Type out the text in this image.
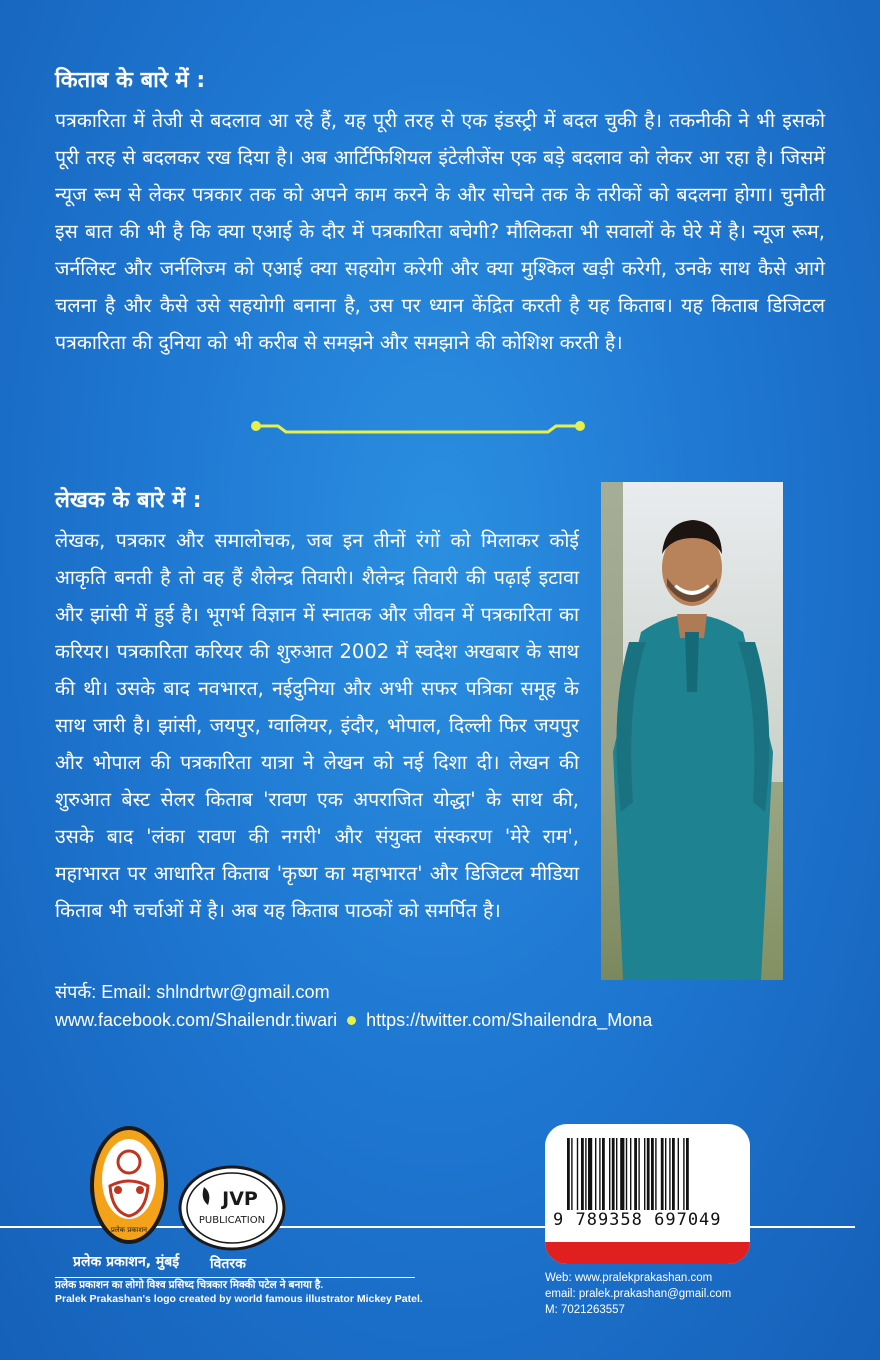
किताब के बारे में :
पत्रकारिता में तेजी से बदलाव आ रहे हैं, यह पूरी तरह से एक इंडस्ट्री में बदल चुकी है। तकनीकी ने भी इसको पूरी तरह से बदलकर रख दिया है। अब आर्टिफिशियल इंटेलीजेंस एक बड़े बदलाव को लेकर आ रहा है। जिसमें न्यूज रूम से लेकर पत्रकार तक को अपने काम करने के और सोचने तक के तरीकों को बदलना होगा। चुनौती इस बात की भी है कि क्या एआई के दौर में पत्रकारिता बचेगी? मौलिकता भी सवालों के घेरे में है। न्यूज रूम, जर्नलिस्ट और जर्नलिज्म को एआई क्या सहयोग करेगी और क्या मुश्किल खड़ी करेगी, उनके साथ कैसे आगे चलना है और कैसे उसे सहयोगी बनाना है, उस पर ध्यान केंद्रित करती है यह किताब। यह किताब डिजिटल पत्रकारिता की दुनिया को भी करीब से समझने और समझाने की कोशिश करती है।
लेखक के बारे में :
लेखक, पत्रकार और समालोचक, जब इन तीनों रंगों को मिलाकर कोई आकृति बनती है तो वह हैं शैलेन्द्र तिवारी। शैलेन्द्र तिवारी की पढ़ाई इटावा और झांसी में हुई है। भूगर्भ विज्ञान में स्नातक और जीवन में पत्रकारिता का करियर। पत्रकारिता करियर की शुरुआत 2002 में स्वदेश अखबार के साथ की थी। उसके बाद नवभारत, नईदुनिया और अभी सफर पत्रिका समूह के साथ जारी है। झांसी, जयपुर, ग्वालियर, इंदौर, भोपाल, दिल्ली फिर जयपुर और भोपाल की पत्रकारिता यात्रा ने लेखन को नई दिशा दी। लेखन की शुरुआत बेस्ट सेलर किताब 'रावण एक अपराजित योद्धा' के साथ की, उसके बाद 'लंका रावण की नगरी' और संयुक्त संस्करण 'मेरे राम', महाभारत पर आधारित किताब 'कृष्ण का महाभारत' और डिजिटल मीडिया किताब भी चर्चाओं में है। अब यह किताब पाठकों को समर्पित है।
संपर्क: Email: shlndrtwr@gmail.com
www.facebook.com/Shailendr.tiwari https://twitter.com/Shailendra_Mona
प्रलेक प्रकाशन
JVP
PUBLICATION
प्रलेक प्रकाशन, मुंबई वितरक
प्रलेक प्रकाशन का लोगो विश्व प्रसिध्द चित्रकार मिक्की पटेल ने बनाया है.
Pralek Prakashan's logo created by world famous illustrator Mickey Patel.
9 789358 697049
Web: www.pralekprakashan.com
email: pralek.prakashan@gmail.com
M: 7021263557
